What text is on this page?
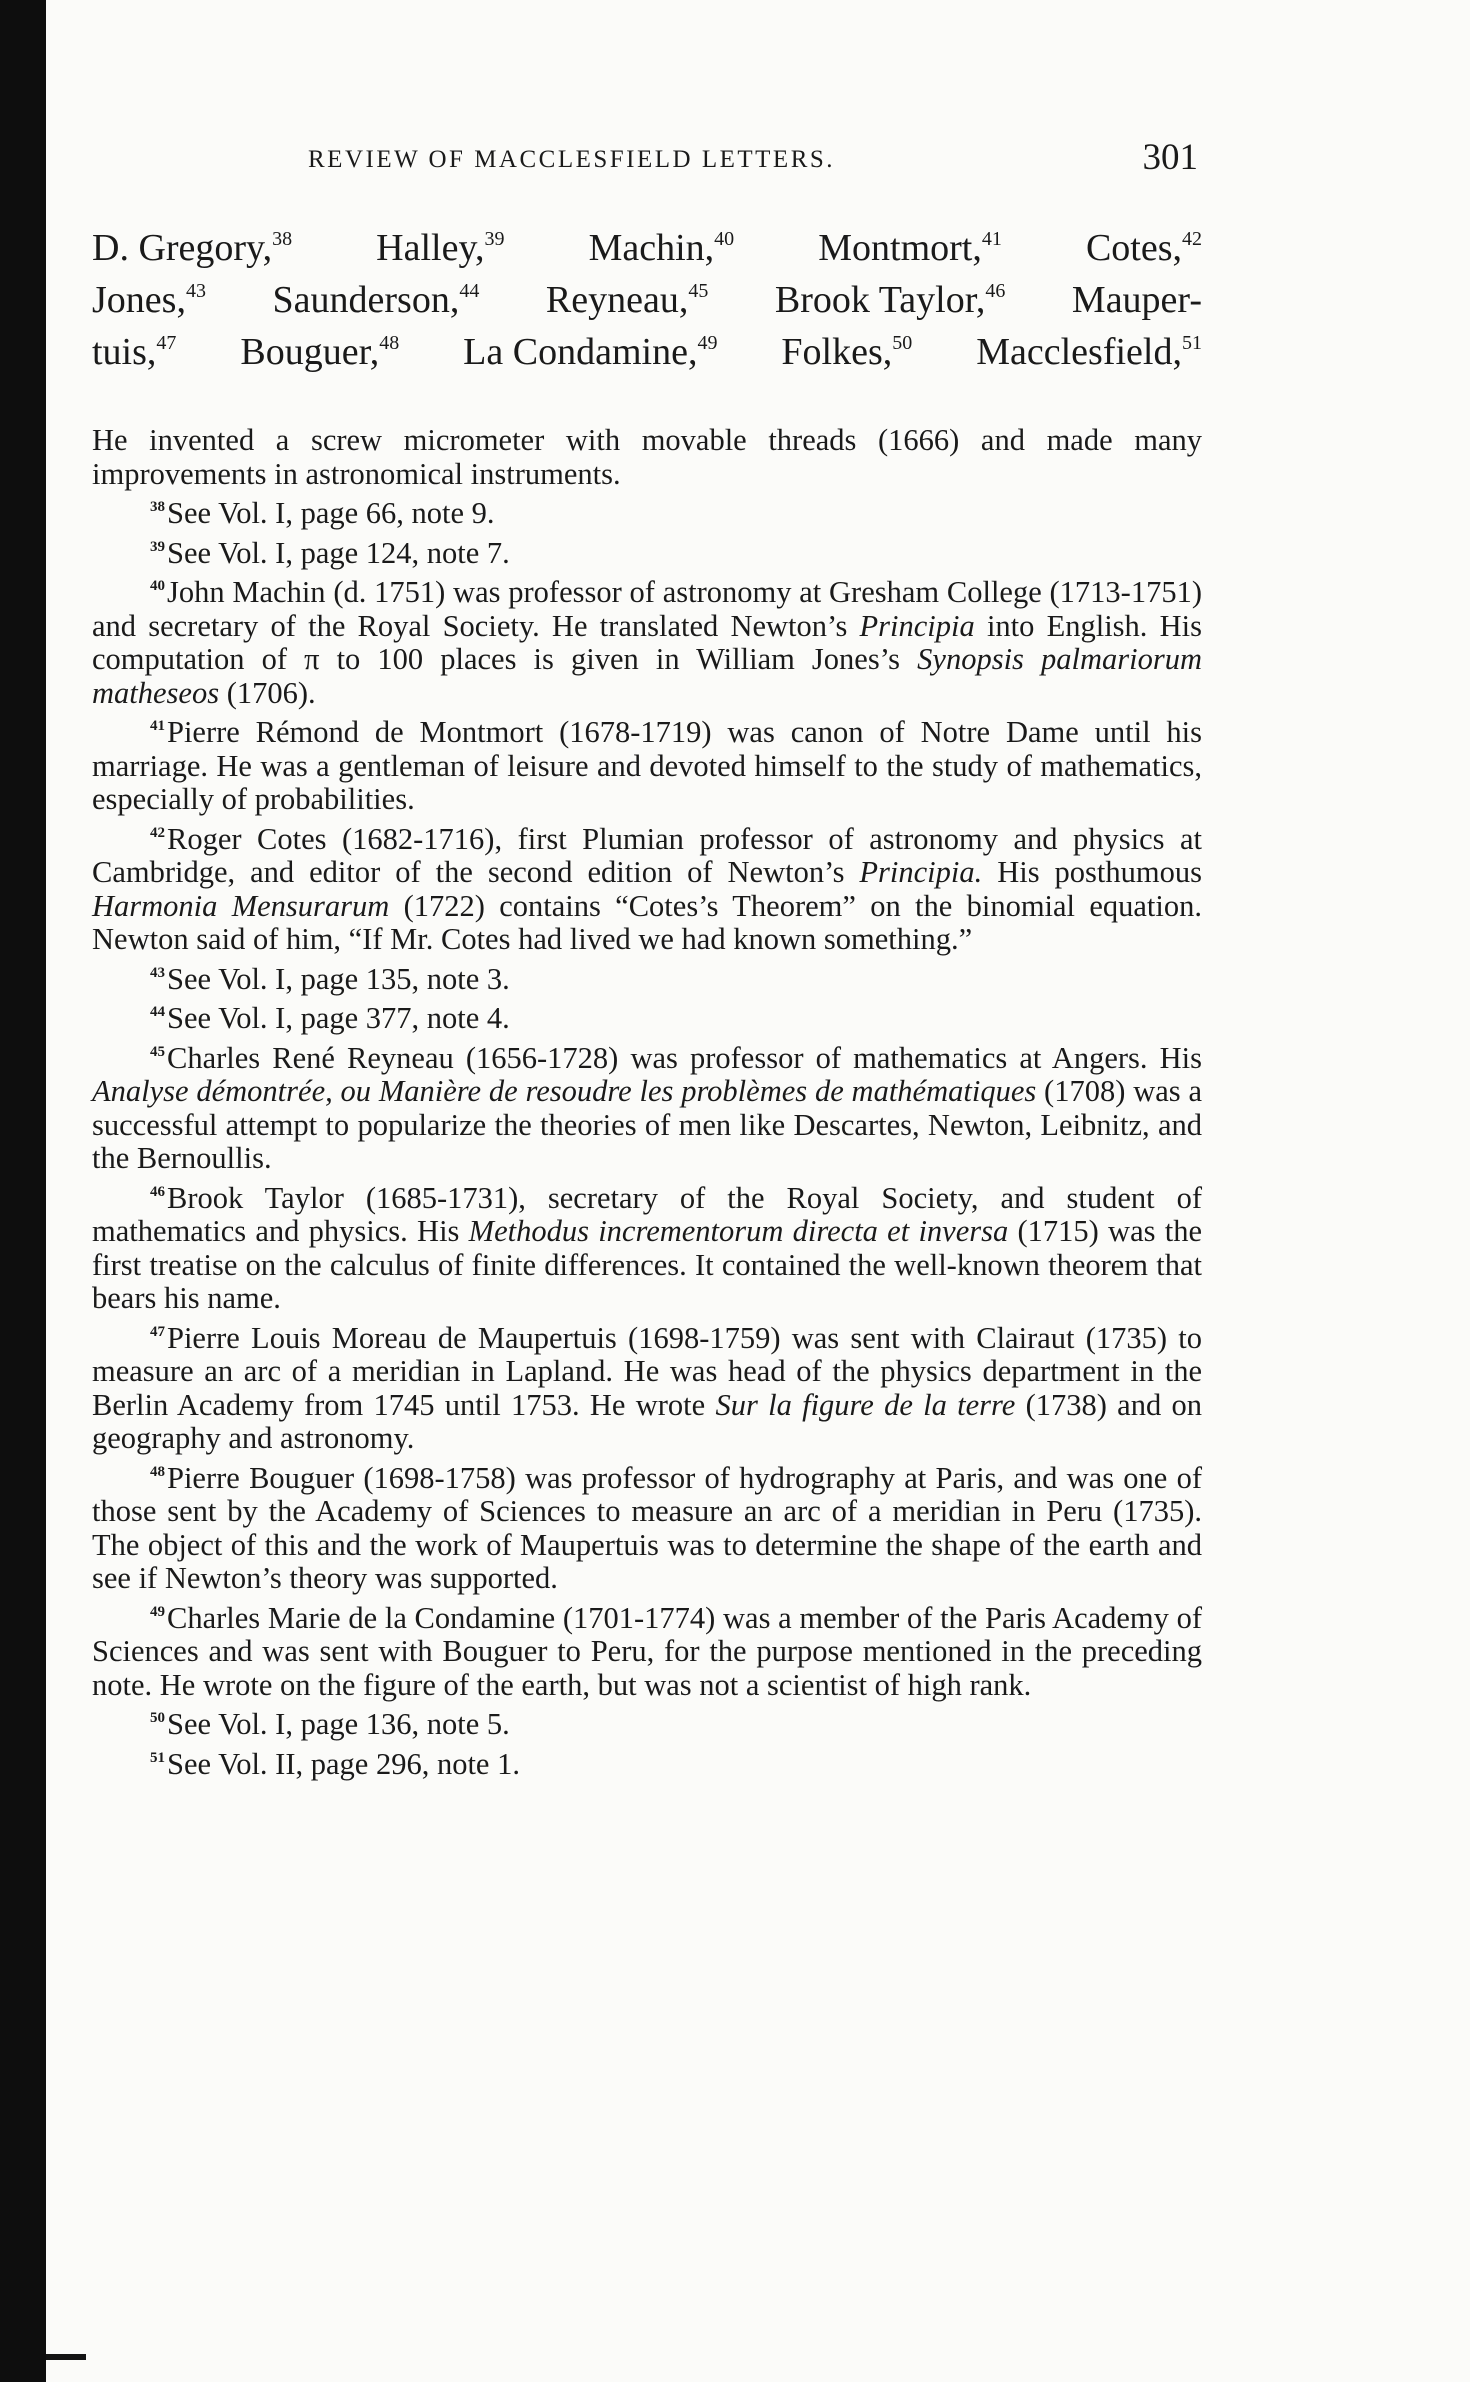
REVIEW OF MACCLESFIELD LETTERS.	301
D. Gregory,$^{38}$ Halley,$^{39}$ Machin,$^{40}$ Montmort,$^{41}$ Cotes,$^{42}$
Jones,$^{43}$ Saunderson,$^{44}$ Reyneau,$^{45}$ Brook Taylor,$^{46}$ Mauper-
tuis,$^{47}$ Bouguer,$^{48}$ La Condamine,$^{49}$ Folkes,$^{50}$ Macclesfield,$^{51}$

He invented a screw micrometer with movable threads (1666) and made many improvements in astronomical instruments.

$^{38}$See Vol. I, page 66, note 9.

$^{39}$See Vol. I, page 124, note 7.

$^{40}$John Machin (d. 1751) was professor of astronomy at Gresham College (1713-1751) and secretary of the Royal Society. He translated Newton’s Principia into English. His computation of π to 100 places is given in William Jones’s Synopsis palmariorum matheseos (1706).

$^{41}$Pierre Rémond de Montmort (1678-1719) was canon of Notre Dame until his marriage. He was a gentleman of leisure and devoted himself to the study of mathematics, especially of probabilities.

$^{42}$Roger Cotes (1682-1716), first Plumian professor of astronomy and physics at Cambridge, and editor of the second edition of Newton’s Principia. His posthumous Harmonia Mensurarum (1722) contains “Cotes’s Theorem” on the binomial equation. Newton said of him, “If Mr. Cotes had lived we had known something.”

$^{43}$See Vol. I, page 135, note 3.

$^{44}$See Vol. I, page 377, note 4.

$^{45}$Charles René Reyneau (1656-1728) was professor of mathematics at Angers. His Analyse démontrée, ou Manière de resoudre les problèmes de mathématiques (1708) was a successful attempt to popularize the theories of men like Descartes, Newton, Leibnitz, and the Bernoullis.

$^{46}$Brook Taylor (1685-1731), secretary of the Royal Society, and student of mathematics and physics. His Methodus incrementorum directa et inversa (1715) was the first treatise on the calculus of finite differences. It contained the well-known theorem that bears his name.

$^{47}$Pierre Louis Moreau de Maupertuis (1698-1759) was sent with Clairaut (1735) to measure an arc of a meridian in Lapland. He was head of the physics department in the Berlin Academy from 1745 until 1753. He wrote Sur la figure de la terre (1738) and on geography and astronomy.

$^{48}$Pierre Bouguer (1698-1758) was professor of hydrography at Paris, and was one of those sent by the Academy of Sciences to measure an arc of a meridian in Peru (1735). The object of this and the work of Maupertuis was to determine the shape of the earth and see if Newton’s theory was supported.

$^{49}$Charles Marie de la Condamine (1701-1774) was a member of the Paris Academy of Sciences and was sent with Bouguer to Peru, for the purpose mentioned in the preceding note. He wrote on the figure of the earth, but was not a scientist of high rank.

$^{50}$See Vol. I, page 136, note 5.

$^{51}$See Vol. II, page 296, note 1.
